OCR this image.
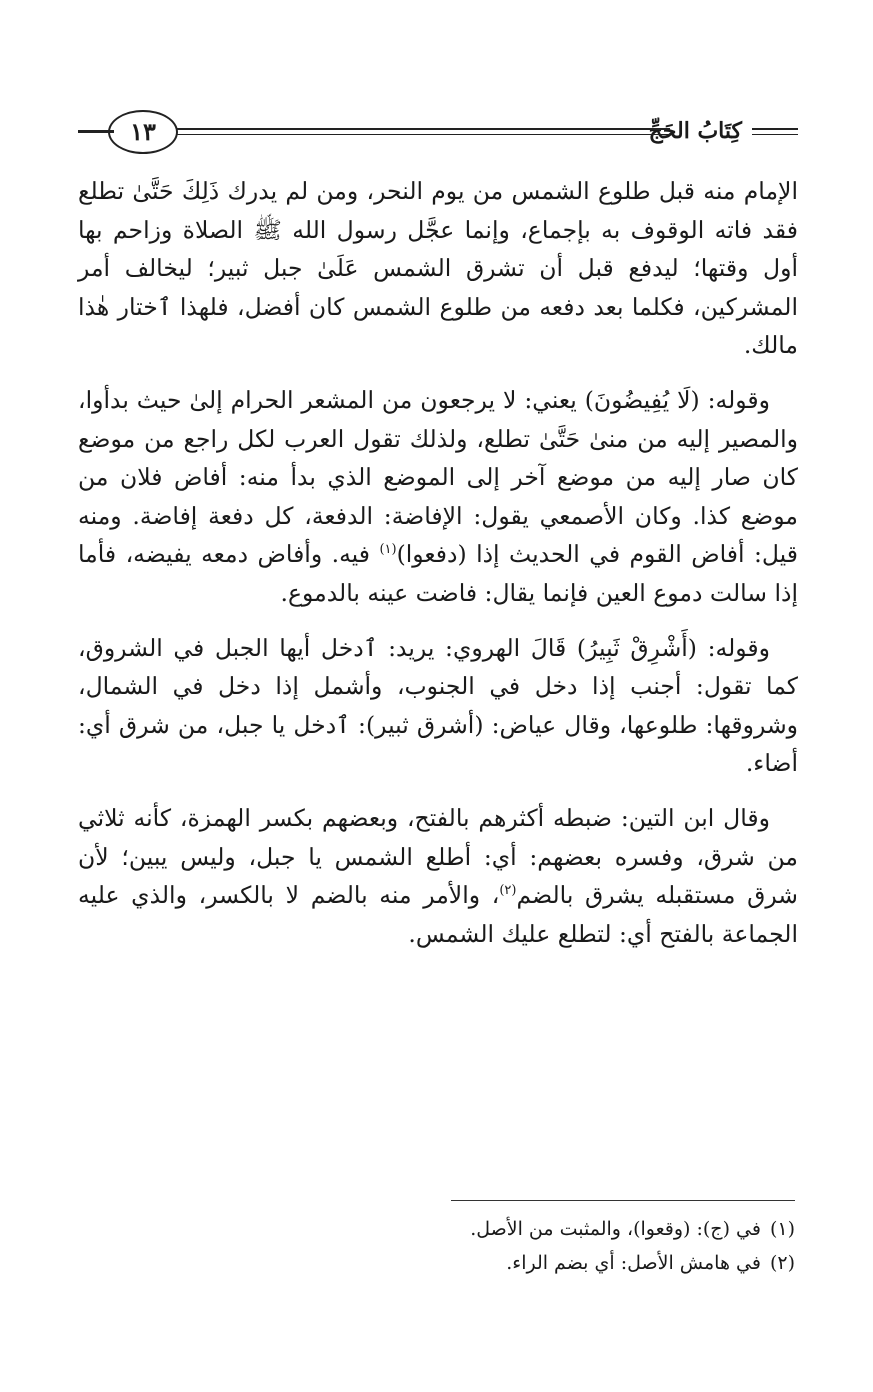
كِتَابُ الحَجِّ
١٣

الإمام منه قبل طلوع الشمس من يوم النحر، ومن لم يدرك ذَلِكَ حَتَّىٰ تطلع فقد فاته الوقوف به بإجماع، وإنما عجَّل رسول الله ﷺ الصلاة وزاحم بها أول وقتها؛ ليدفع قبل أن تشرق الشمس عَلَىٰ جبل ثبير؛ ليخالف أمر المشركين، فكلما بعد دفعه من طلوع الشمس كان أفضل، فلهذا ٱختار هٰذا مالك.

وقوله: (لَا يُفِيضُونَ) يعني: لا يرجعون من المشعر الحرام إلىٰ حيث بدأوا، والمصير إليه من منىٰ حَتَّىٰ تطلع، ولذلك تقول العرب لكل راجع من موضع كان صار إليه من موضع آخر إلى الموضع الذي بدأ منه: أفاض فلان من موضع كذا. وكان الأصمعي يقول: الإفاضة: الدفعة، كل دفعة إفاضة. ومنه قيل: أفاض القوم في الحديث إذا (دفعوا)$^{(١)}$ فيه. وأفاض دمعه يفيضه، فأما إذا سالت دموع العين فإنما يقال: فاضت عينه بالدموع.

وقوله: (أَشْرِقْ ثَبِيرُ) قَالَ الهروي: يريد: ٱدخل أيها الجبل في الشروق، كما تقول: أجنب إذا دخل في الجنوب، وأشمل إذا دخل في الشمال، وشروقها: طلوعها، وقال عياض: (أشرق ثبير): ٱدخل يا جبل، من شرق أي: أضاء.

وقال ابن التين: ضبطه أكثرهم بالفتح، وبعضهم بكسر الهمزة، كأنه ثلاثي من شرق، وفسره بعضهم: أي: أطلع الشمس يا جبل، وليس يبين؛ لأن شرق مستقبله يشرق بالضم$^{(٢)}$، والأمر منه بالضم لا بالكسر، والذي عليه الجماعة بالفتح أي: لتطلع عليك الشمس.

(١) في (ج): (وقعوا)، والمثبت من الأصل.

(٢) في هامش الأصل: أي بضم الراء.
